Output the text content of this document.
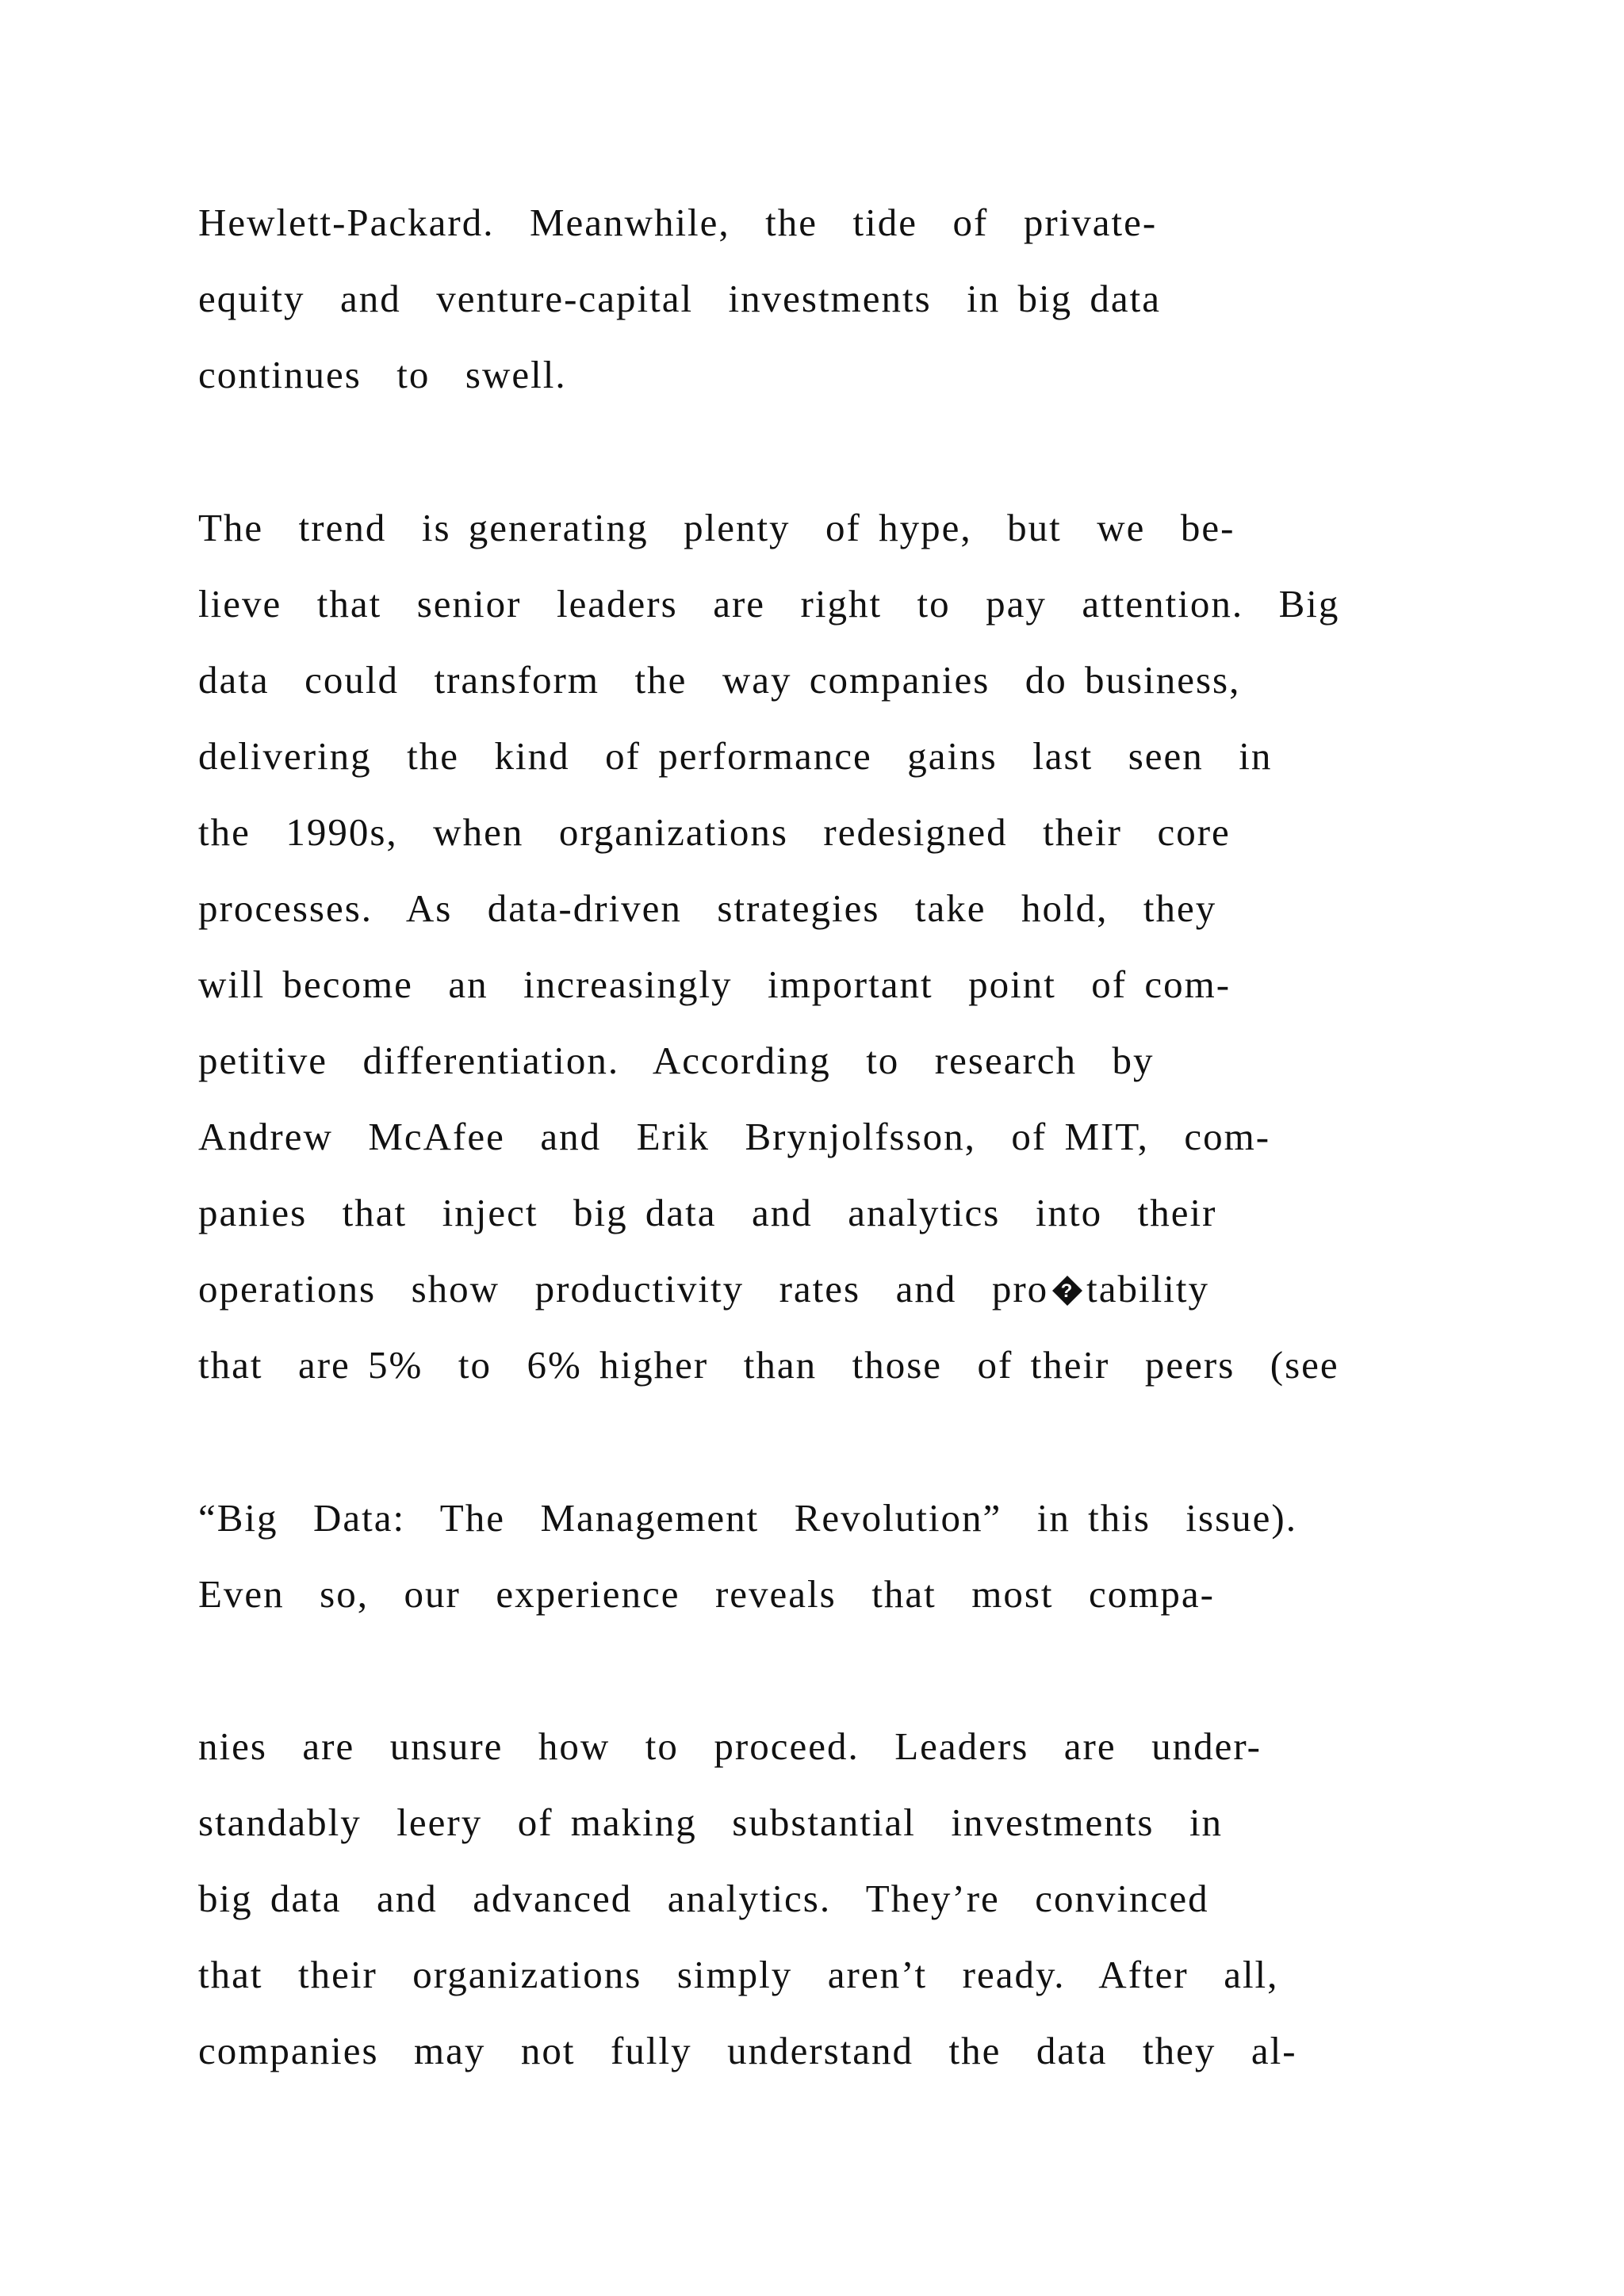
Hewlett-Packard.  Meanwhile,  the  tide  of  private-
equity  and  venture-capital  investments  in big data
continues  to  swell.
The  trend  is generating  plenty  of hype,  but  we  be-
lieve  that  senior  leaders  are  right  to  pay  attention.  Big
data  could  transform  the  way companies  do business,
delivering  the  kind  of performance  gains  last  seen  in
the  1990s,  when  organizations  redesigned  their  core
processes.  As  data-driven  strategies  take  hold,  they
will become  an  increasingly  important  point  of com-
petitive  differentiation.  According  to  research  by
Andrew  McAfee  and  Erik  Brynjolfsson,  of MIT,  com-
panies  that  inject  big data  and  analytics  into  their
operations  show  productivity  rates  and  pro ? tability
that  are 5%  to  6% higher  than  those  of their  peers  (see
“Big  Data:  The  Management  Revolution”  in this  issue).
Even  so,  our  experience  reveals  that  most  compa-
nies  are  unsure  how  to  proceed.  Leaders  are  under-
standably  leery  of making  substantial  investments  in
big data  and  advanced  analytics.  They’re  convinced
that  their  organizations  simply  aren’t  ready.  After  all,
companies  may  not  fully  understand  the  data  they  al-
